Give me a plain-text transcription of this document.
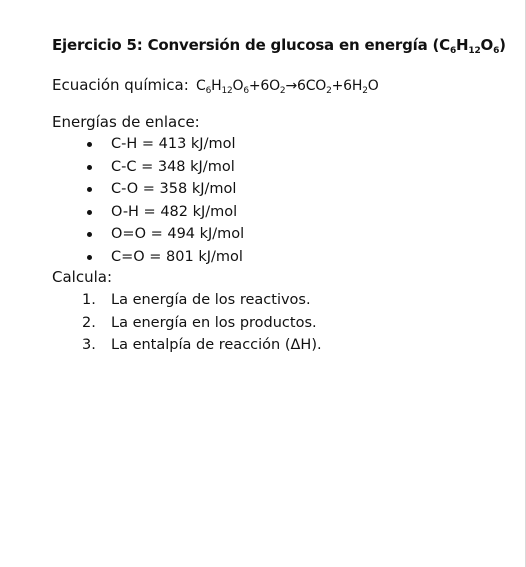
Ejercicio 5: Conversión de glucosa en energía $(C_6H_{12}O_6)$
Ecuación química: $C_6H_{12}O_6+6O_2\to 6CO_2+6H_2O$
Energías de enlace:
C-H = 413 kJ/mol
C-C = 348 kJ/mol
C-O = 358 kJ/mol
O-H = 482 kJ/mol
O=O = 494 kJ/mol
C=O = 801 kJ/mol
Calcula:
1. La energía de los reactivos.
2. La energía en los productos.
3. La entalpía de reacción (ΔH).
